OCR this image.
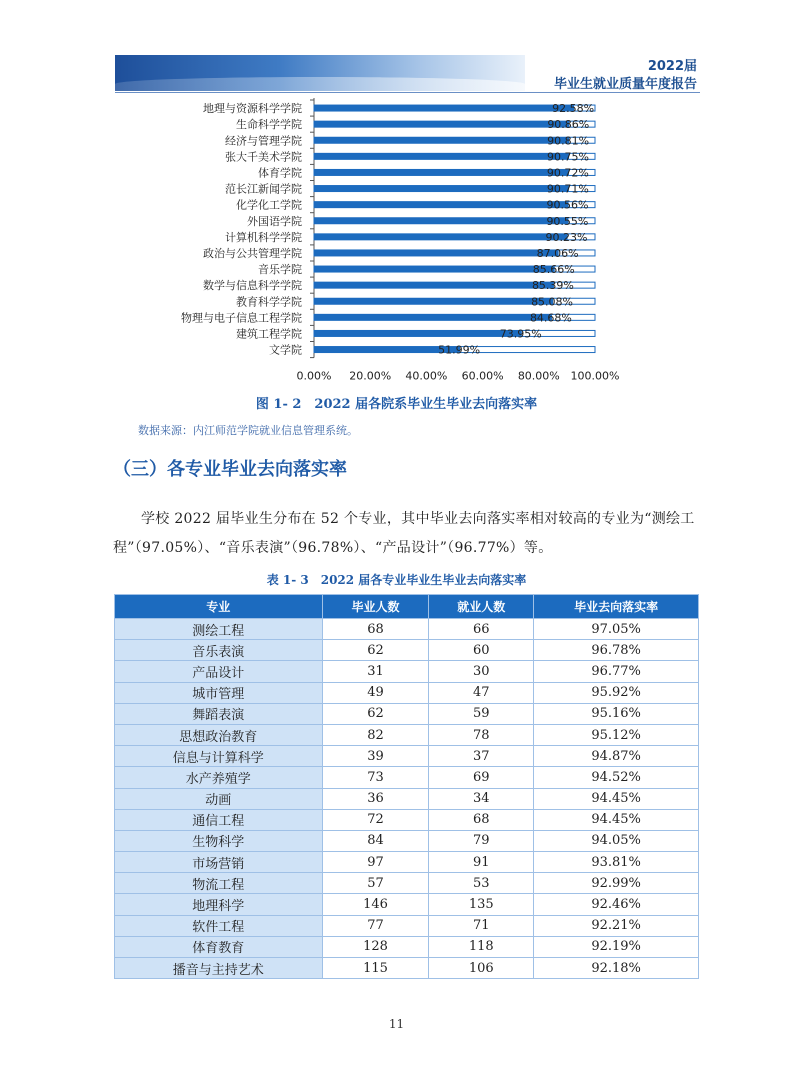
2022届
毕业生就业质量年度报告
地理与资源科学学院	92.58%
生命科学学院	90.86%
经济与管理学院	90.81%
张大千美术学院	90.75%
体育学院	90.72%
范长江新闻学院	90.71%
化学化工学院	90.56%
外国语学院	90.55%
计算机科学学院	90.23%
政治与公共管理学院	87.06%
音乐学院	85.66%
数学与信息科学学院	85.39%
教育科学学院	85.08%
物理与电子信息工程学院	84.68%
建筑工程学院	73.95%
文学院	51.99%
0.00% 20.00% 40.00% 60.00% 80.00% 100.00%
图 1- 2　2022 届各院系毕业生毕业去向落实率
数据来源：内江师范学院就业信息管理系统。
（三）各专业毕业去向落实率
学校 2022 届毕业生分布在 52 个专业，其中毕业去向落实率相对较高的专业为“测绘工程”（97.05%）、“音乐表演”（96.78%）、“产品设计”（96.77%）等。
表 1- 3　2022 届各专业毕业生毕业去向落实率
专业	毕业人数	就业人数	毕业去向落实率
测绘工程	68	66	97.05%
音乐表演	62	60	96.78%
产品设计	31	30	96.77%
城市管理	49	47	95.92%
舞蹈表演	62	59	95.16%
思想政治教育	82	78	95.12%
信息与计算科学	39	37	94.87%
水产养殖学	73	69	94.52%
动画	36	34	94.45%
通信工程	72	68	94.45%
生物科学	84	79	94.05%
市场营销	97	91	93.81%
物流工程	57	53	92.99%
地理科学	146	135	92.46%
软件工程	77	71	92.21%
体育教育	128	118	92.19%
播音与主持艺术	115	106	92.18%
11
